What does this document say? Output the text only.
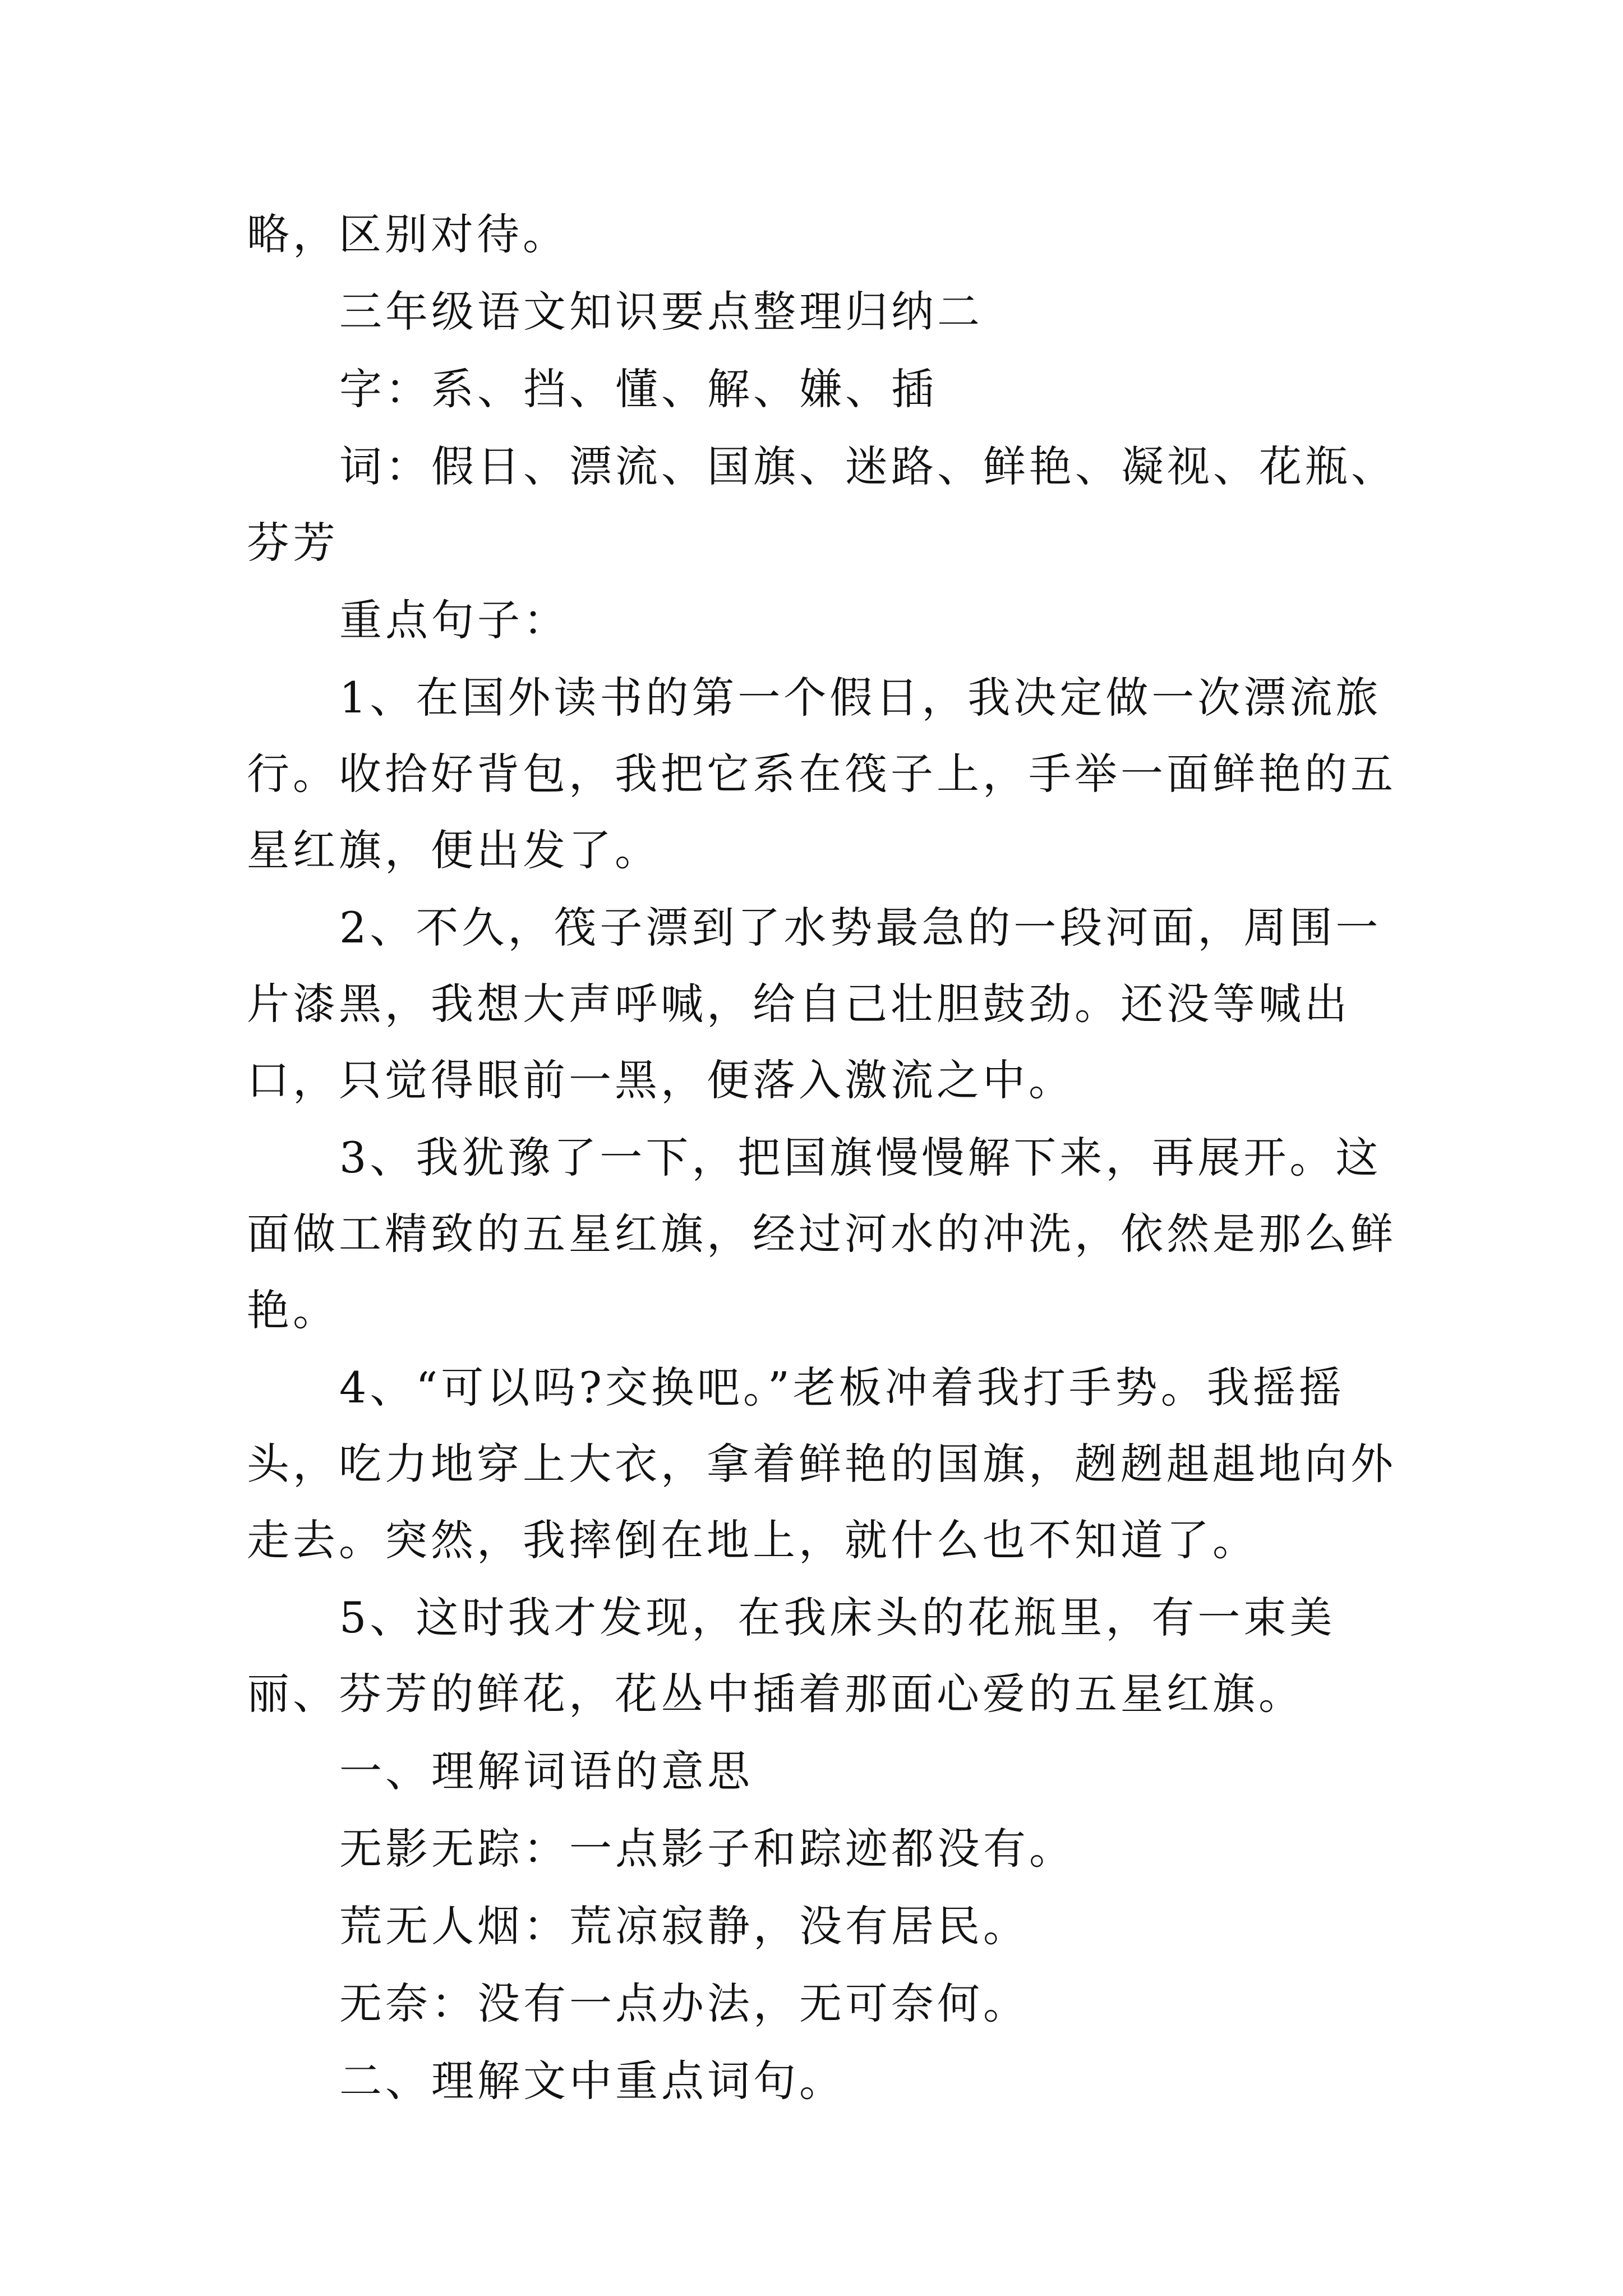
略，区别对待。

三年级语文知识要点整理归纳二

字：系、挡、懂、解、嫌、插

词：假日、漂流、国旗、迷路、鲜艳、凝视、花瓶、芬芳

重点句子：

1、在国外读书的第一个假日，我决定做一次漂流旅行。收拾好背包，我把它系在筏子上，手举一面鲜艳的五星红旗，便出发了。

2、不久，筏子漂到了水势最急的一段河面，周围一片漆黑，我想大声呼喊，给自己壮胆鼓劲。还没等喊出口，只觉得眼前一黑，便落入激流之中。

3、我犹豫了一下，把国旗慢慢解下来，再展开。这面做工精致的五星红旗，经过河水的冲洗，依然是那么鲜艳。

4、“可以吗?交换吧。”老板冲着我打手势。我摇摇头，吃力地穿上大衣，拿着鲜艳的国旗，趔趔趄趄地向外走去。突然，我摔倒在地上，就什么也不知道了。

5、这时我才发现，在我床头的花瓶里，有一束美丽、芬芳的鲜花，花丛中插着那面心爱的五星红旗。

一、理解词语的意思

无影无踪：一点影子和踪迹都没有。

荒无人烟：荒凉寂静，没有居民。

无奈：没有一点办法，无可奈何。

二、理解文中重点词句。
